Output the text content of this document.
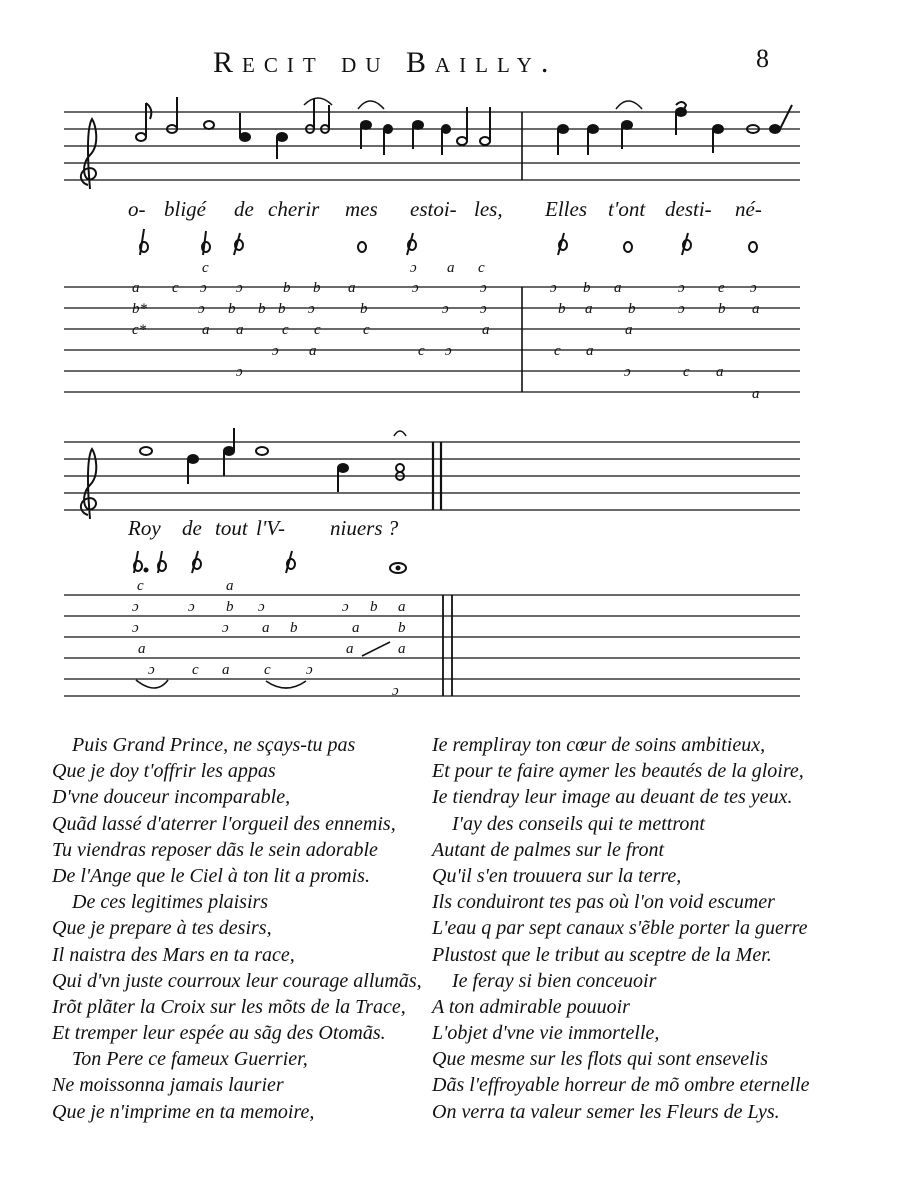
Recit du Bailly.	8
o- bligé de cherir mes estoi- les, Elles t'ont desti- né-
c	a c
ɔ
a c ɔ ɔ	b b a	ɔ	ɔ	ɔ b a	ɔ e ɔ
b*	ɔ b b b ɔ	b	ɔ ɔ	b a b	ɔ b a
c*	a a	c c	c	a	a
ɔ a	c ɔ	c a
ɔ	ɔ	c a
a
Roy de tout l'V- niuers ?
c	a
ɔ	ɔ b ɔ	ɔ b a
ɔ	ɔ a b	a	b
a	a	a
ɔ c a c ɔ
ɔ
Puis Grand Prince, ne sçays-tu pas
Que je doy t'offrir les appas
D'vne douceur incomparable,
Quãd lassé d'aterrer l'orgueil des ennemis,
Tu viendras reposer dãs le sein adorable
De l'Ange que le Ciel à ton lit a promis.
De ces legitimes plaisirs
Que je prepare à tes desirs,
Il naistra des Mars en ta race,
Qui d'vn juste courroux leur courage allumãs,
Irõt plãter la Croix sur les mõts de la Trace,
Et tremper leur espée au sãg des Otomãs.
Ton Pere ce fameux Guerrier,
Ne moissonna jamais laurier
Que je n'imprime en ta memoire,
Ie rempliray ton cœur de soins ambitieux,
Et pour te faire aymer les beautés de la gloire,
Ie tiendray leur image au deuant de tes yeux.
I'ay des conseils qui te mettront
Autant de palmes sur le front
Qu'il s'en trouuera sur la terre,
Ils conduiront tes pas où l'on void escumer
L'eau q par sept canaux s'ẽble porter la guerre
Plustost que le tribut au sceptre de la Mer.
Ie feray si bien conceuoir
A ton admirable pouuoir
L'objet d'vne vie immortelle,
Que mesme sur les flots qui sont ensevelis
Dãs l'effroyable horreur de mõ ombre eternelle
On verra ta valeur semer les Fleurs de Lys.
